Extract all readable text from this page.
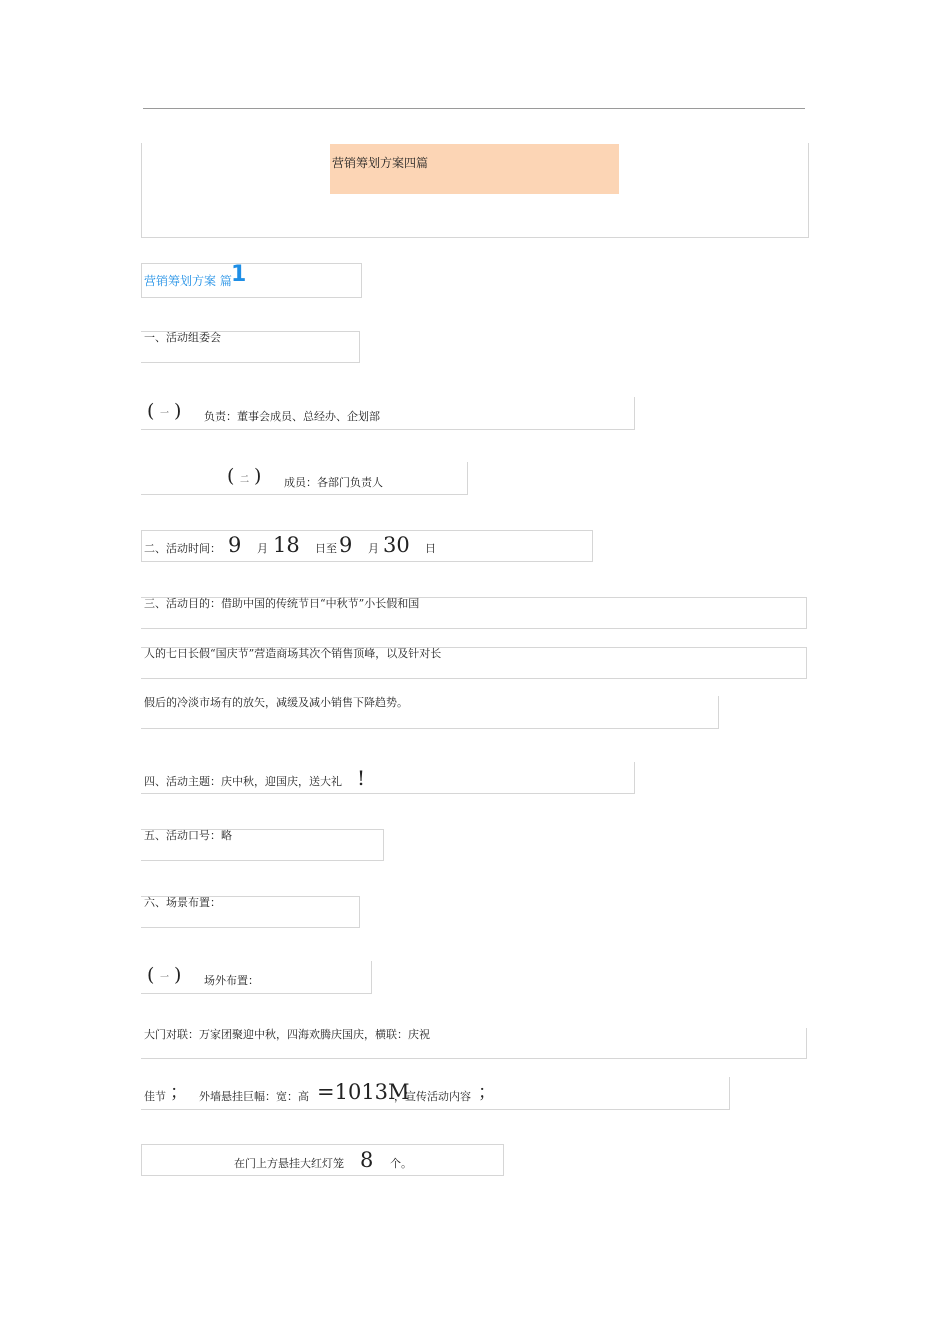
营销筹划方案四篇
营销筹划方案 篇 1
一、活动组委会
( 一 ) 负责：董事会成员、总经办、企划部
( 二 ) 成员：各部门负责人
二、活动时间： 9 月 18 日至 9 月 30 日
三、活动目的：借助中国的传统节日“中秋节”小长假和国
人的七日长假“国庆节”营造商场其次个销售顶峰，以及针对长
假后的冷淡市场有的放矢，减缓及减小销售下降趋势。
四、活动主题：庆中秋，迎国庆，送大礼 !
五、活动口号：略
六、场景布置：
( 一 ) 场外布置：
大门对联：万家团聚迎中秋，四海欢腾庆国庆，横联：庆祝
佳节 ； 外墙悬挂巨幅：宽：高 =1013M
，宣传活动内容 ；
在门上方悬挂大红灯笼 8 个。
